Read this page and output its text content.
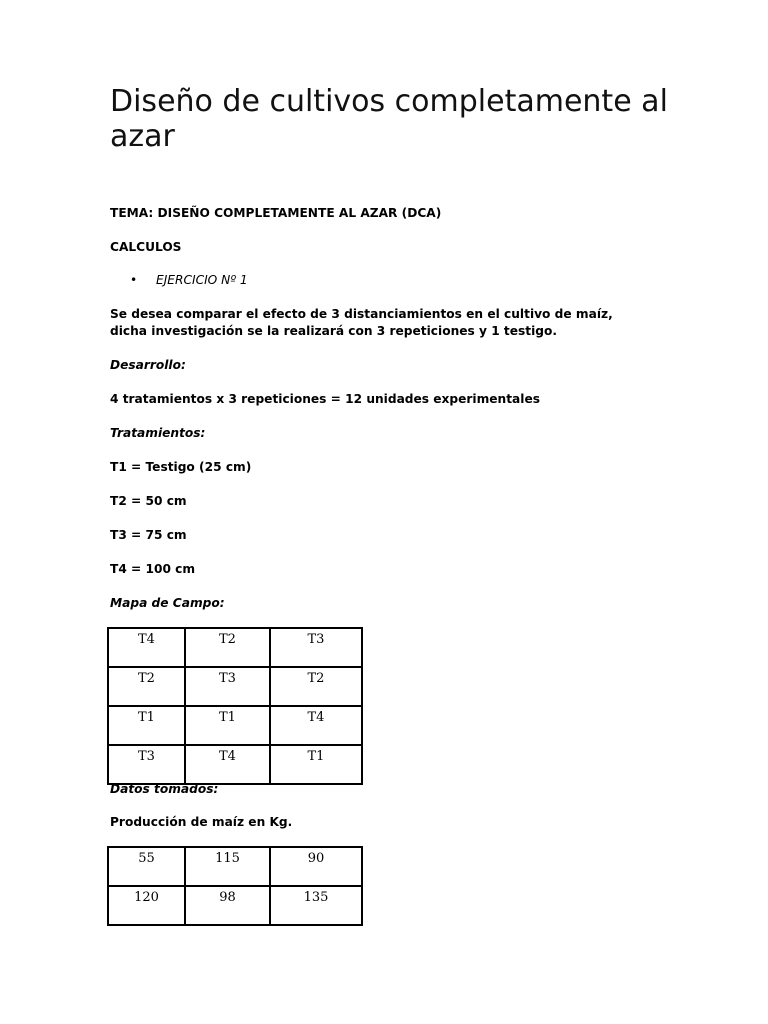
Diseño de cultivos completamente al azar

TEMA: DISEÑO COMPLETAMENTE AL AZAR (DCA)

CALCULOS

• EJERCICIO Nº 1

Se desea comparar el efecto de 3 distanciamientos en el cultivo de maíz,

dicha investigación se la realizará con 3 repeticiones y 1 testigo.

Desarrollo:

4 tratamientos x 3 repeticiones = 12 unidades experimentales

Tratamientos:

T1 = Testigo (25 cm)

T2 = 50 cm

T3 = 75 cm

T4 = 100 cm

Mapa de Campo:

T4	T2	T3
T2	T3	T2
T1	T1	T4
T3	T4	T1

Datos tomados:

Producción de maíz en Kg.

55	115	90
120	98	135
